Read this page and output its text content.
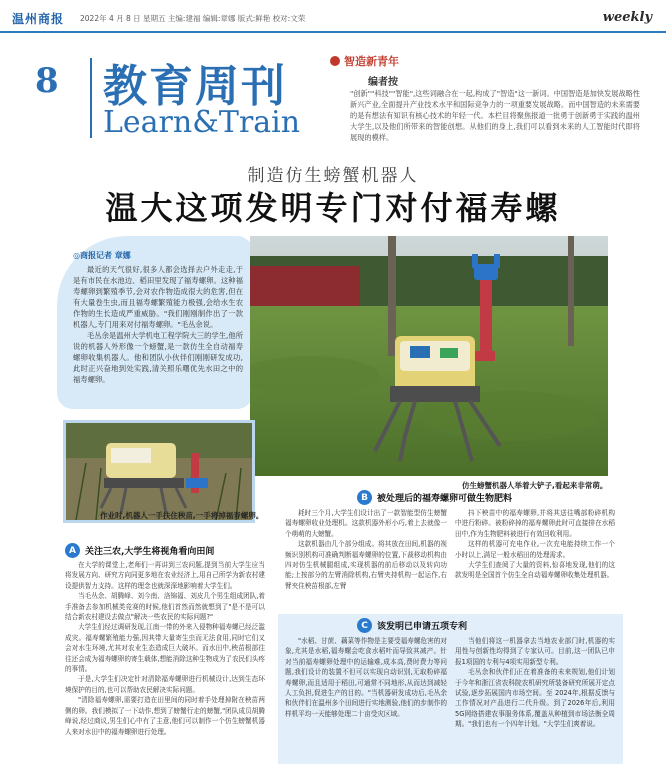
温州商报 2022年 4 月 8 日 星期五 主编:建福 编辑:章娜 版式:鲜艳 校对:文荣	weekly
8 教育周刊
Learn&Train
智造新青年
编者按
"创新""科技""智能",这些词融合在一起,构成了"智造"这一新词。中国智造是加快发展战略性新兴产业,全面提升产业技术水平和国际竞争力的一项重要发展战略。而中国智造的未来需要的是有想法有知识有核心技术的年轻一代。本栏目将聚焦报道一批勇于创新勇于实践的温州大学生,以及他们所带来的智能创想。从他们的身上,我们可以看到未来的人工智能时代即将展现的模样。
制造仿生螃蟹机器人
温大这项发明专门对付福寿螺
◎商报记者 章娜

最近的天气很好,很多人都会选择去户外走走,于是有市民在水池边、稻田里发现了福寿螺卵。这种福寿螺卵到繁殖季节,会对农作物造成很大的危害,但在有大量卷生虫,而且福寿螺繁殖能力极强,会给水生农作物的生长造成严重威胁。"我们刚刚制作出了一款机器人,专门用来对付福寿螺卵。"毛丛余说。

毛丛余是温州大学机电工程学院大三的学生,他所说的机器人外形像一个螃蟹,是一款仿生全自动福寿螺卵收集机器人。他和团队小伙伴们刚刚研发成功,此时正兴奋地到处实践,清关照乐曙优先水田之中的福寿螺卵。

仿生螃蟹机器人举着大铲子,看起来非常萌。
作业时,机器人一手扶住秧苗,一手将掉福寿螺卵。
A	关注三农,大学生将视角看向田间

在大学的课堂上,老师们一再讲到三农问题,提到当前大学生应当将发展方向、研究方向同更多地在农业经济上,用自己所学为新农村建设提供智力支持。这样的理念也就深深地影响着大学生们。

当毛丛余、胡腾峰、刘今南、洛锦福、刘皮几个男生组成团队,着手准备去参加机械类竞赛的时候,他们首然而然就想到了"是不是可以结合新农村建设去做点"解决一些农民的实际问题?"

大学生们经过调研发现,江南一带的外来入侵物种福寿螺已经泛滥成灾。福寿螺繁殖能力强,因其带大量寄生虫而无法食用,同时它们又会对水生环境,尤其对农业生态造成巨大破坏。而水田中,秧苗根部往往还会成为福寿螺卵的寄生载体,想能消除这种生物成为了农民们头疼的事情。

于是,大学生们决定针对清除福寿螺卵进行机械设计,达到生态环境保护的目的,也可以帮助农民解决实际问题。

"清除福寿螺卵,需要打造在田里间的同时着手处理掉附在秧苗两侧的卵。我们模拟了一下动作,想到了螃蟹行走的螃蟹,"团队成员胡腾峰说,经过商议,男生们心中有了主意,他们可以制作一个仿生螃蟹机器人来对水田中的福寿螺卵进行处理。

B	被处理后的福寿螺卵可做生物肥料

耗时三个月,大学生们设计出了一款智能型仿生螃蟹福寿螺卵收业处理机。这款机器外形小巧,着上去就像一个萌萌的大螃蟹。

这款机器由几个部分组成。将其放在田间,机器的视频识别机构可准确判断福寿螺卵的位置,下裁移动机构由四对仿生机械腿组成,实现机器的前后移动以及转向功能;上按部分的左臂消除机构,右臂夹持机构一起运作,右臂夹住秧苗根部,左臂

抖下秧苗中的福寿螺卵,并将其送往嘴部粉碎机构中进行粉碎。被粉碎掉的福寿螺卵此时可直接排在水稻田中,作为生物肥料被进行有效回收利用。

这样的机器可充电作业,一次充电能持续工作一个小时以上,满足一般水稻田的处理需求。

大学生们查阅了大量的资料,惊喜地发现,他们的这款发明是全国首个仿生全自动福寿螺卵收集处理机器。

C	该发明已申请五项专利

"水稻、甘蔗、藕菜等作物是主要受福寿螺危害的对象,尤其是水稻,福寿螺会吃食水稻叶而导致其减产。针对当前福寿螺卵处理中的运输难,成本高,费时费力等问题,我们设计的装置不但可以实现自动识别,无取粉碎福寿螺卵,而且适用于稻田,可通常不同地形,从而达到减轻人工负担,促进生产的目的。"当机器研发成功后,毛丛余和伙伴们在温州多个田间进行实地测验,他们的步制作的样机平均一天能够处理二十亩受灾区域。

当他们将这一机器拿去当地农业部门时,机器的实用性与创新性均得到了专家认可。目前,这一团队已申报1项国的专利与4项实用新型专利。

毛丛余和伙伴们正在着准备的未来规划,他们计划于今年和浙江省农科院农机研究所装备研究所展开定点试验,逐步拓展国内市场空间。至 2024年,根据反馈与工作情况对产品进行二代升级。到了2026年后,利用5G网络搭建农事服务体系,覆盖从种植到市场法衡全周期。"我们也有一个四年计划。"大学生们爽着说。
